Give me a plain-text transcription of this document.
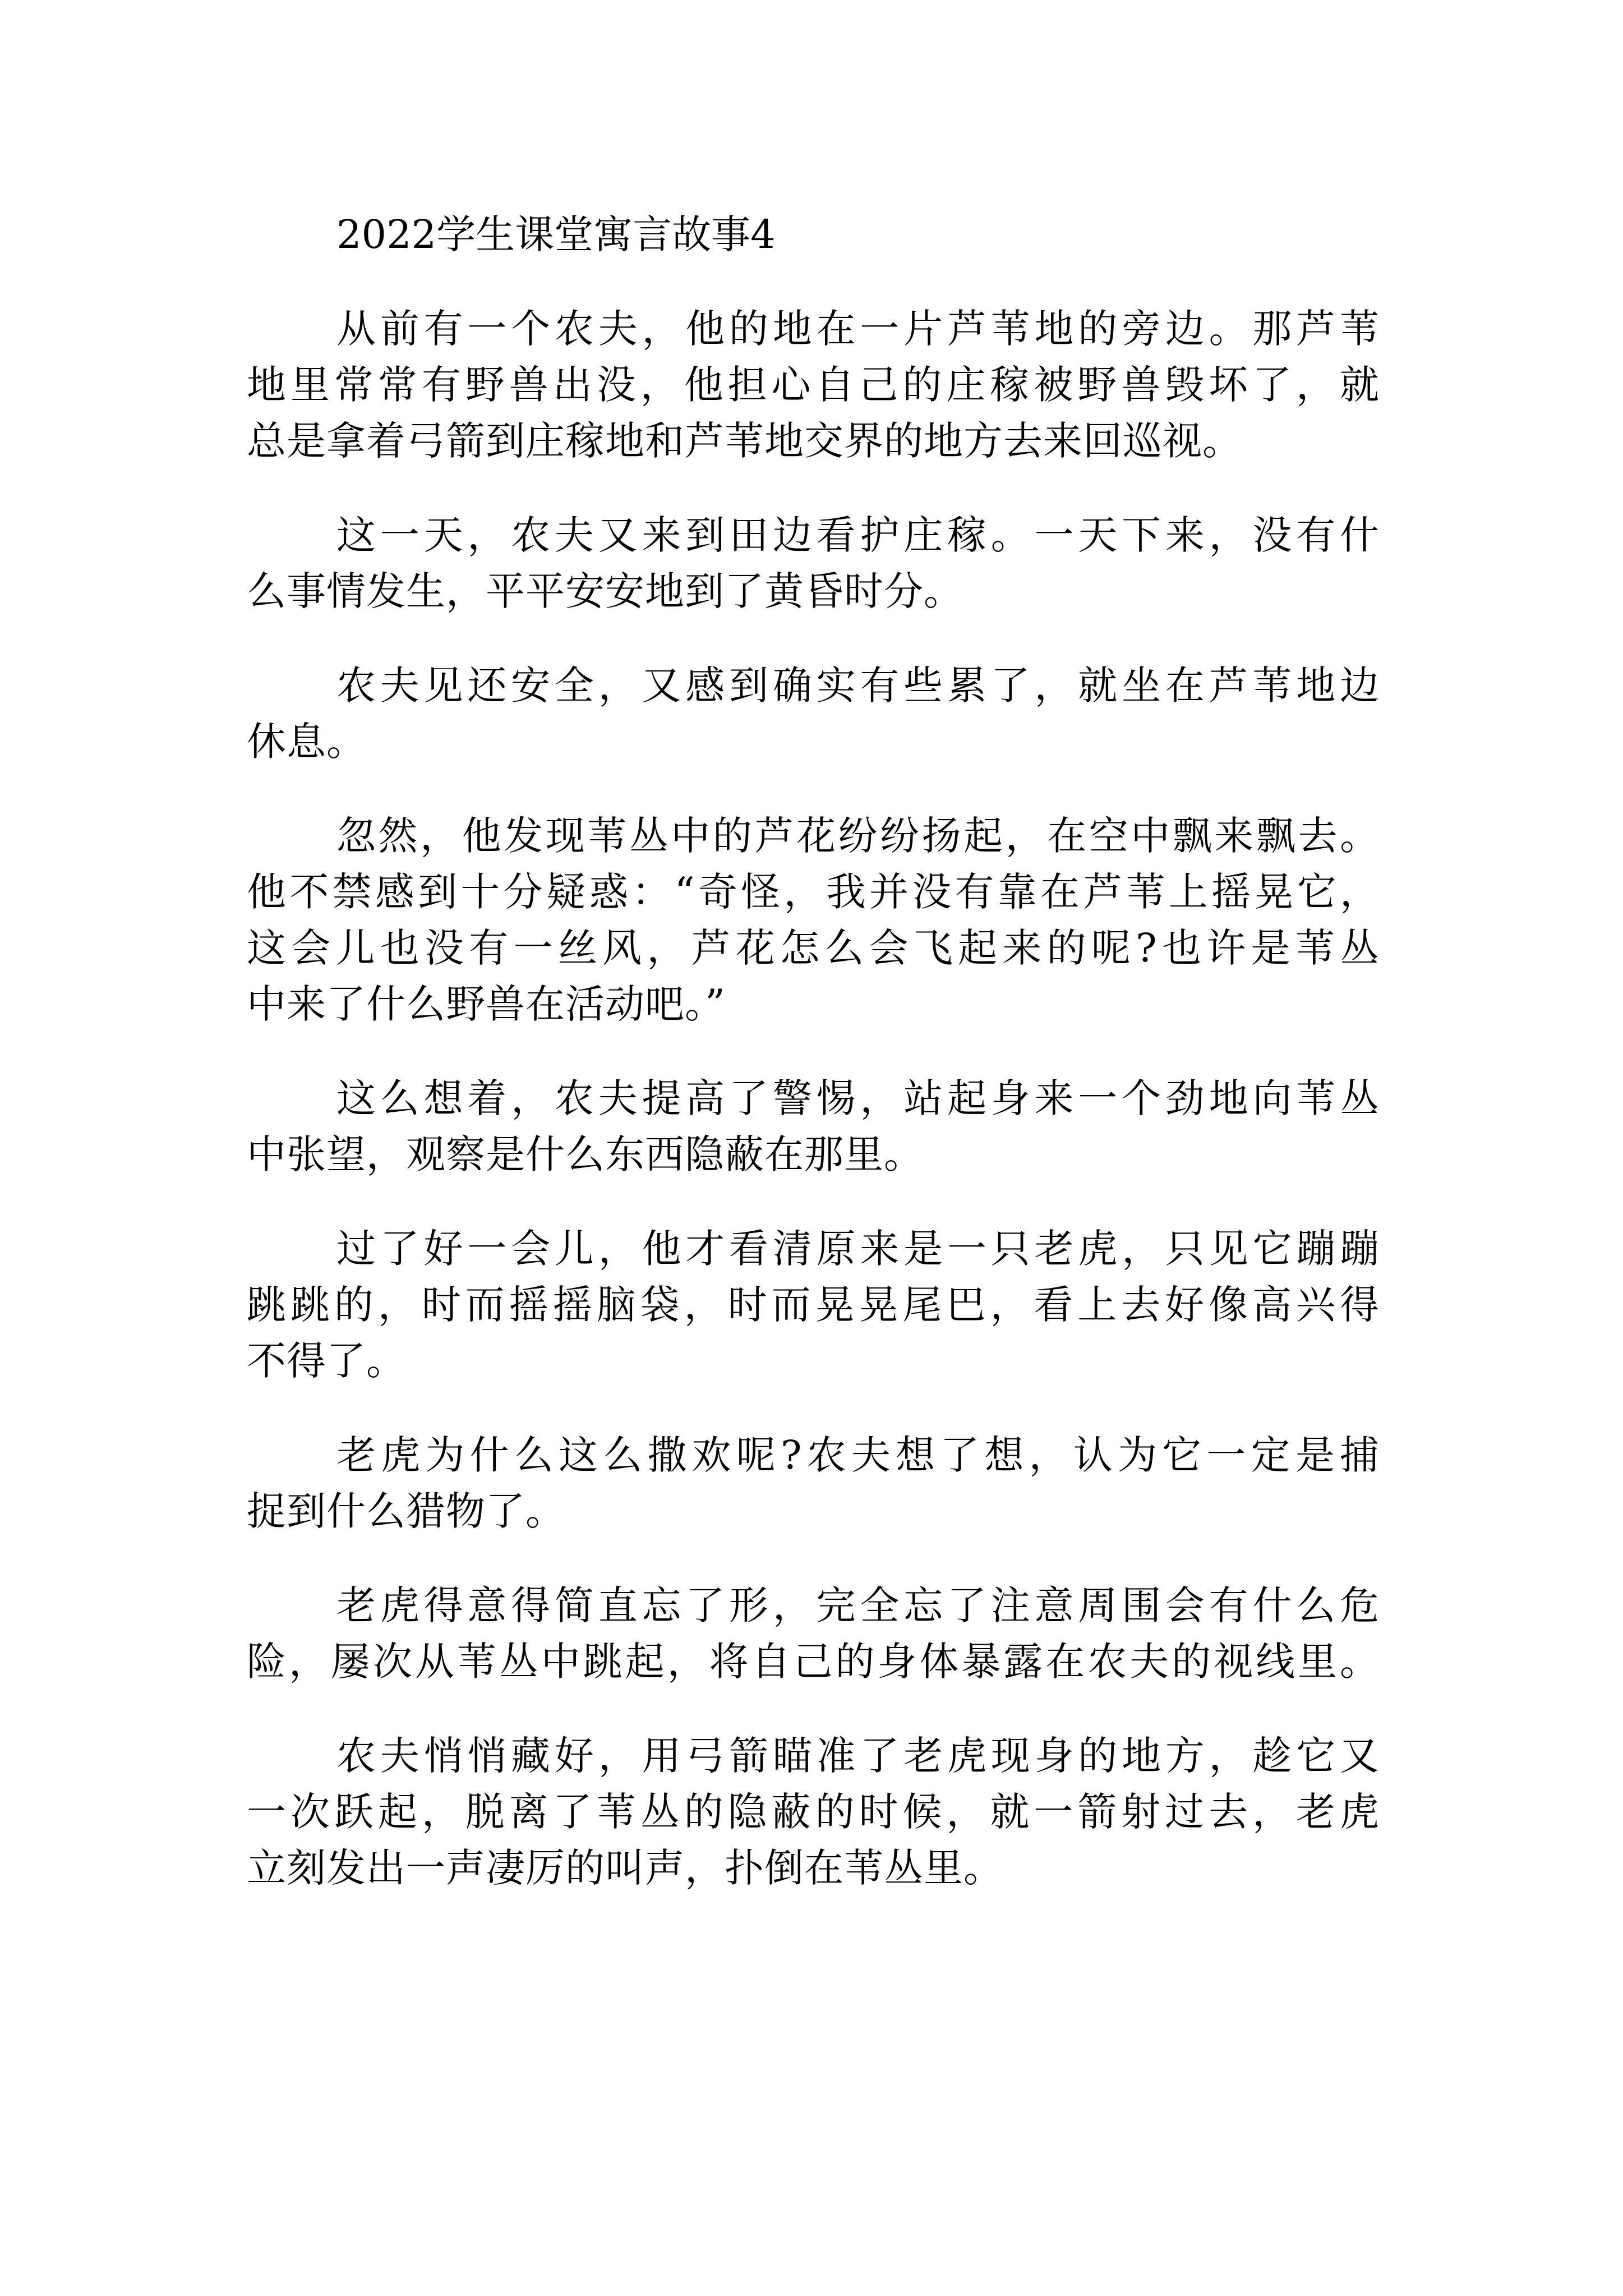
2022学生课堂寓言故事4
从前有一个农夫，他的地在一片芦苇地的旁边。那芦苇
地里常常有野兽出没，他担心自己的庄稼被野兽毁坏了，就
总是拿着弓箭到庄稼地和芦苇地交界的地方去来回巡视。
这一天，农夫又来到田边看护庄稼。一天下来，没有什
么事情发生，平平安安地到了黄昏时分。
农夫见还安全，又感到确实有些累了，就坐在芦苇地边
休息。
忽然，他发现苇丛中的芦花纷纷扬起，在空中飘来飘去。
他不禁感到十分疑惑：“奇怪，我并没有靠在芦苇上摇晃它，
这会儿也没有一丝风，芦花怎么会飞起来的呢?也许是苇丛
中来了什么野兽在活动吧。”
这么想着，农夫提高了警惕，站起身来一个劲地向苇丛
中张望，观察是什么东西隐蔽在那里。
过了好一会儿，他才看清原来是一只老虎，只见它蹦蹦
跳跳的，时而摇摇脑袋，时而晃晃尾巴，看上去好像高兴得
不得了。
老虎为什么这么撒欢呢?农夫想了想，认为它一定是捕
捉到什么猎物了。
老虎得意得简直忘了形，完全忘了注意周围会有什么危
险，屡次从苇丛中跳起，将自己的身体暴露在农夫的视线里。
农夫悄悄藏好，用弓箭瞄准了老虎现身的地方，趁它又
一次跃起，脱离了苇丛的隐蔽的时候，就一箭射过去，老虎
立刻发出一声凄厉的叫声，扑倒在苇丛里。
